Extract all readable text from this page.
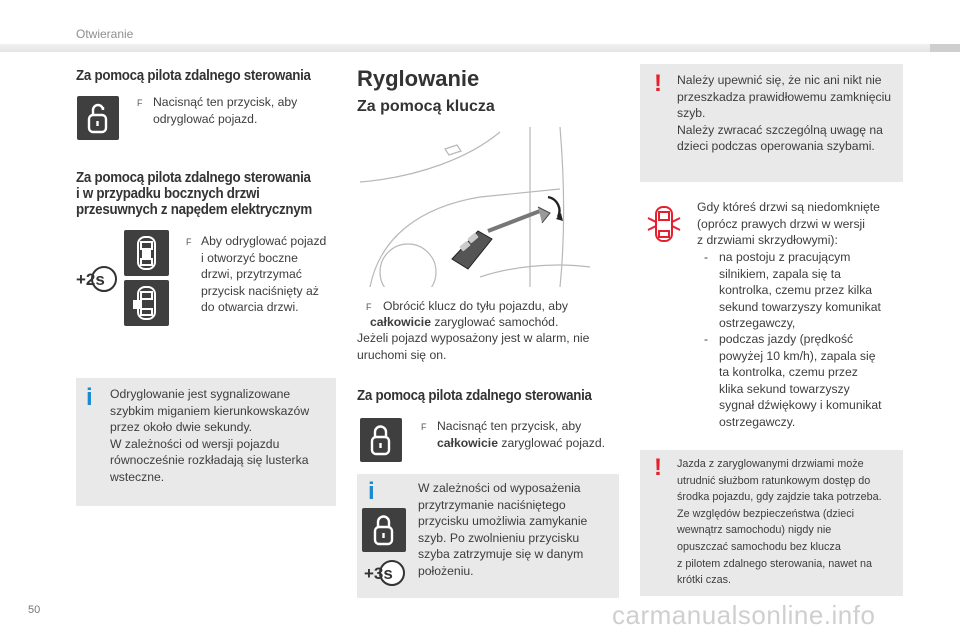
Otwieranie
Za pomocą pilota zdalnego sterowania
F Nacisnąć ten przycisk, aby odryglować pojazd.
Za pomocą pilota zdalnego sterowania
i w przypadku bocznych drzwi
przesuwnych z napędem elektrycznym
+2s
F Aby odryglować pojazd
i otworzyć boczne
drzwi, przytrzymać
przycisk naciśnięty aż
do otwarcia drzwi.
i Odryglowanie jest sygnalizowane
szybkim miganiem kierunkowskazów
przez około dwie sekundy.
W zależności od wersji pojazdu
równocześnie rozkładają się lusterka
wsteczne.
Ryglowanie
Za pomocą klucza
F Obrócić klucz do tyłu pojazdu, aby
całkowicie zaryglować samochód.
Jeżeli pojazd wyposażony jest w alarm, nie
uruchomi się on.
Za pomocą pilota zdalnego sterowania
F Nacisnąć ten przycisk, aby
całkowicie zaryglować pojazd.
i
+3s
W zależności od wyposażenia
przytrzymanie naciśniętego
przycisku umożliwia zamykanie
szyb. Po zwolnieniu przycisku
szyba zatrzymuje się w danym
położeniu.
! Należy upewnić się, że nic ani nikt nie
przeszkadza prawidłowemu zamknięciu
szyb.
Należy zwracać szczególną uwagę na
dzieci podczas operowania szybami.
Gdy któreś drzwi są niedomknięte
(oprócz prawych drzwi w wersji
z drzwiami skrzydłowymi):
- na postoju z pracującym
silnikiem, zapala się ta
kontrolka, czemu przez kilka
sekund towarzyszy komunikat
ostrzegawczy,
- podczas jazdy (prędkość
powyżej 10 km/h), zapala się
ta kontrolka, czemu przez
klika sekund towarzyszy
sygnał dźwiękowy i komunikat
ostrzegawczy.
! Jazda z zaryglowanymi drzwiami może
utrudnić służbom ratunkowym dostęp do
środka pojazdu, gdy zajdzie taka potrzeba.
Ze względów bezpieczeństwa (dzieci
wewnątrz samochodu) nigdy nie
opuszczać samochodu bez klucza
z pilotem zdalnego sterowania, nawet na
krótki czas.
50	carmanualsonline.info
